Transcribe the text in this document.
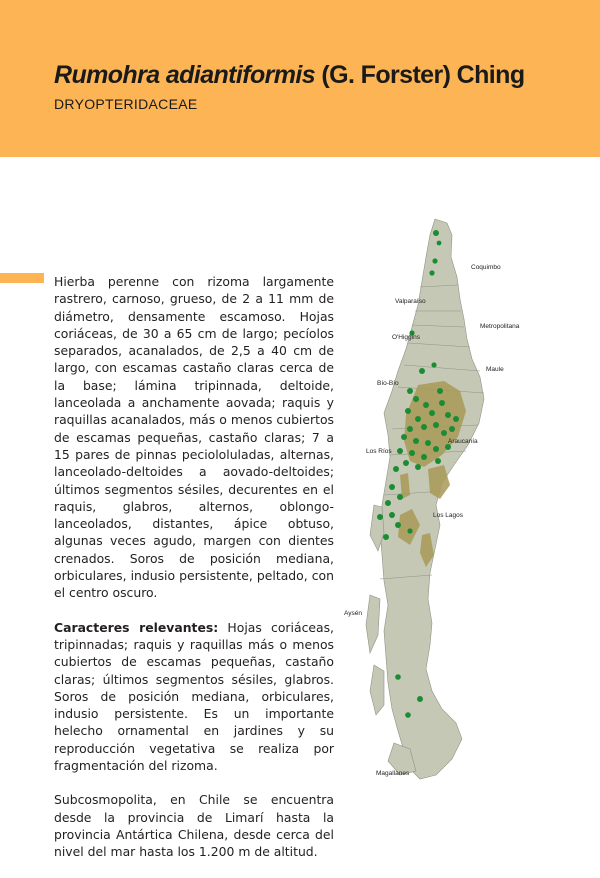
Rumohra adiantiformis (G. Forster) Ching
DRYOPTERIDACEAE

Hierba perenne con rizoma largamente rastrero, carnoso, grueso, de 2 a 11 mm de diámetro, densamente escamoso. Hojas coriáceas, de 30 a 65 cm de largo; pecíolos separados, acanalados, de 2,5 a 40 cm de largo, con escamas castaño claras cerca de la base; lámina tripinnada, deltoide, lanceolada a anchamente aovada; raquis y raquillas acanalados, más o menos cubiertos de escamas pequeñas, castaño claras; 7 a 15 pares de pinnas peciololuladas, alternas, lanceolado-deltoides a aovado-deltoides; últimos segmentos sésiles, decurentes en el raquis, glabros, alternos, oblongo- lanceolados, distantes, ápice obtuso, algunas veces agudo, margen con dientes crenados. Soros de posición mediana, orbiculares, indusio persistente, peltado, con el centro oscuro.

Caracteres relevantes: Hojas coriáceas, tripinnadas; raquis y raquillas más o menos cubiertos de escamas pequeñas, castaño claras; últimos segmentos sésiles, glabros. Soros de posición mediana, orbiculares, indusio persistente. Es un importante helecho ornamental en jardines y su reproducción vegetativa se realiza por fragmentación del rizoma.

Subcosmopolita, en Chile se encuentra desde la provincia de Limarí hasta la provincia Antártica Chilena, desde cerca del nivel del mar hasta los 1.200 m de altitud.

Coquimbo
Valparaíso
Metropolitana
O'Higgins
Maule
Bío-Bío
Araucanía
Los Ríos
Los Lagos
Aysén
Magallanes
